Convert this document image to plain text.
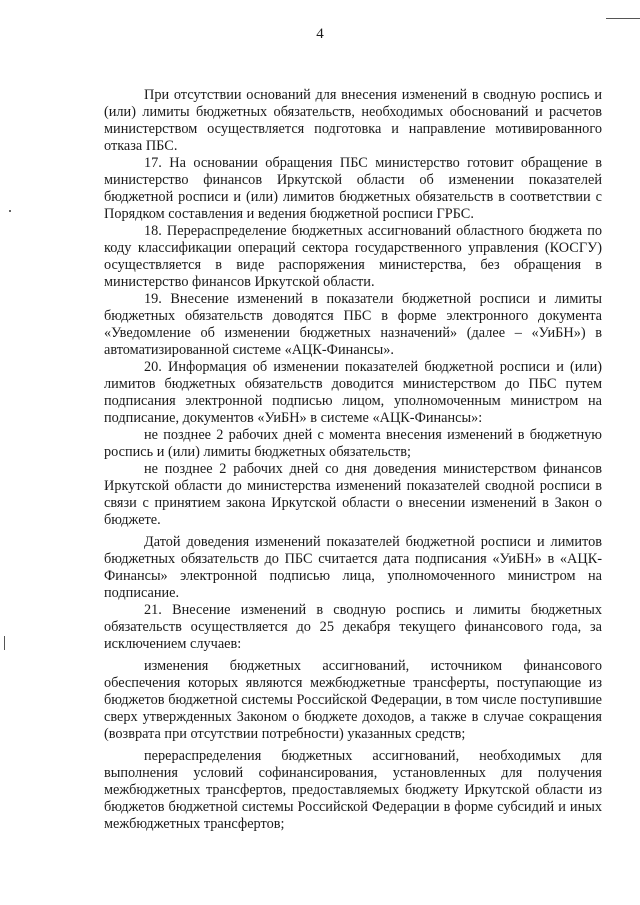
4

При отсутствии оснований для внесения изменений в сводную роспись и (или) лимиты бюджетных обязательств, необходимых обоснований и расчетов министерством осуществляется подготовка и направление мотивированного отказа ПБС.

17. На основании обращения ПБС министерство готовит обращение в министерство финансов Иркутской области об изменении показателей бюджетной росписи и (или) лимитов бюджетных обязательств в соответствии с Порядком составления и ведения бюджетной росписи ГРБС.

18. Перераспределение бюджетных ассигнований областного бюджета по коду классификации операций сектора государственного управления (КОСГУ) осуществляется в виде распоряжения министерства, без обращения в министерство финансов Иркутской области.

19. Внесение изменений в показатели бюджетной росписи и лимиты бюджетных обязательств доводятся ПБС в форме электронного документа «Уведомление об изменении бюджетных назначений» (далее – «УиБН») в автоматизированной системе «АЦК-Финансы».

20. Информация об изменении показателей бюджетной росписи и (или) лимитов бюджетных обязательств доводится министерством до ПБС путем подписания электронной подписью лицом, уполномоченным министром на подписание, документов «УиБН» в системе «АЦК-Финансы»:

не позднее 2 рабочих дней с момента внесения изменений в бюджетную роспись и (или) лимиты бюджетных обязательств;

не позднее 2 рабочих дней со дня доведения министерством финансов Иркутской области до министерства изменений показателей сводной росписи в связи с принятием закона Иркутской области о внесении изменений в Закон о бюджете.

Датой доведения изменений показателей бюджетной росписи и лимитов бюджетных обязательств до ПБС считается дата подписания «УиБН» в «АЦК-Финансы» электронной подписью лица, уполномоченного министром на подписание.

21. Внесение изменений в сводную роспись и лимиты бюджетных обязательств осуществляется до 25 декабря текущего финансового года, за исключением случаев:

изменения бюджетных ассигнований, источником финансового обеспечения которых являются межбюджетные трансферты, поступающие из бюджетов бюджетной системы Российской Федерации, в том числе поступившие сверх утвержденных Законом о бюджете доходов, а также в случае сокращения (возврата при отсутствии потребности) указанных средств;

перераспределения бюджетных ассигнований, необходимых для выполнения условий софинансирования, установленных для получения межбюджетных трансфертов, предоставляемых бюджету Иркутской области из бюджетов бюджетной системы Российской Федерации в форме субсидий и иных межбюджетных трансфертов;
